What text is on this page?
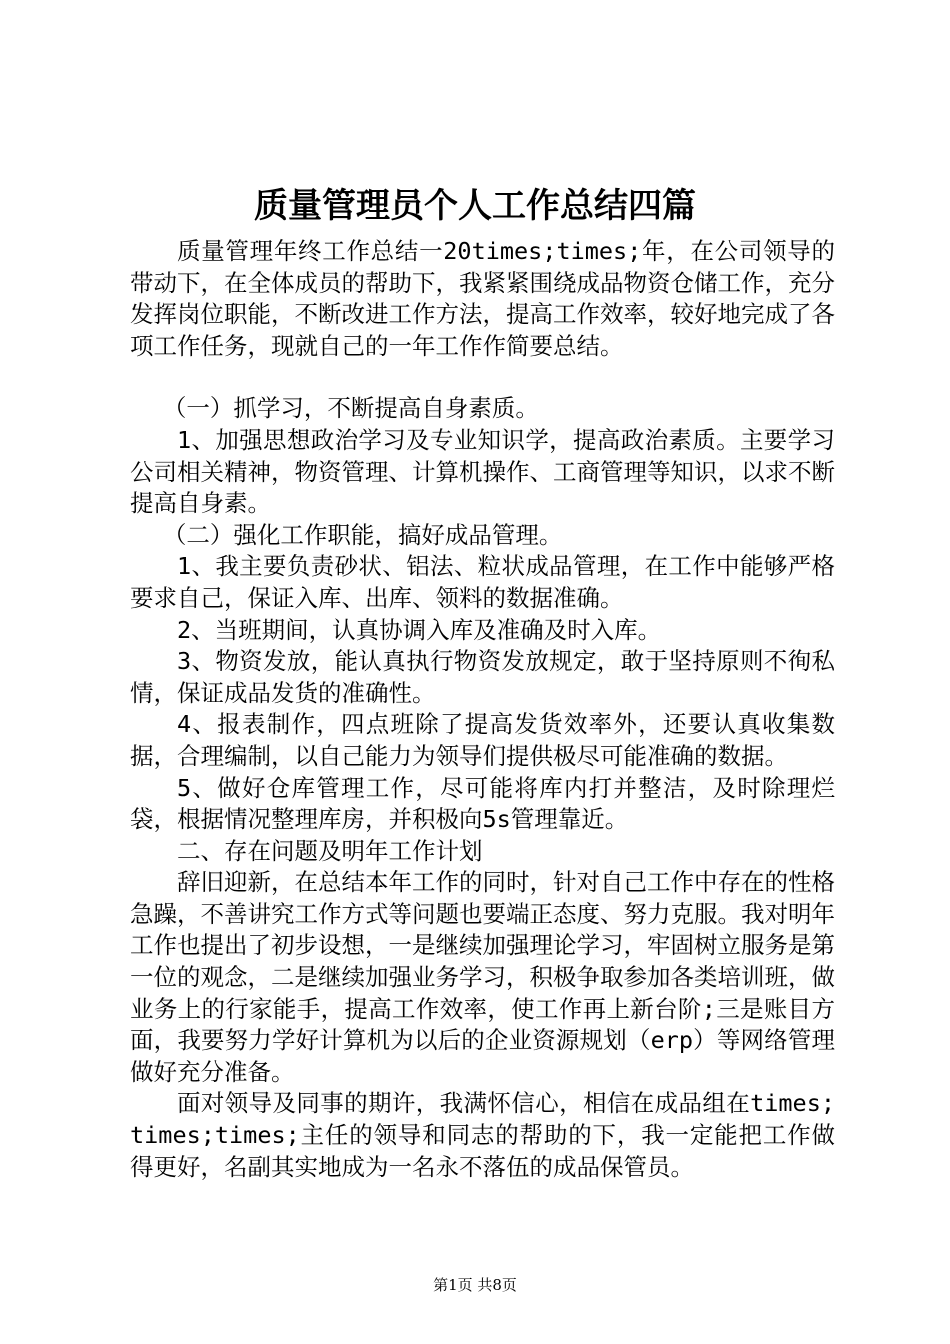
质量管理员个人工作总结四篇

质量管理年终工作总结一20times;times;年，在公司领导的带动下，在全体成员的帮助下，我紧紧围绕成品物资仓储工作，充分发挥岗位职能，不断改进工作方法，提高工作效率，较好地完成了各项工作任务，现就自己的一年工作作简要总结。

（一）抓学习，不断提高自身素质。

1、加强思想政治学习及专业知识学，提高政治素质。主要学习公司相关精神，物资管理、计算机操作、工商管理等知识，以求不断提高自身素。

（二）强化工作职能，搞好成品管理。

1、我主要负责砂状、铝法、粒状成品管理，在工作中能够严格要求自己，保证入库、出库、领料的数据准确。

2、当班期间，认真协调入库及准确及时入库。

3、物资发放，能认真执行物资发放规定，敢于坚持原则不徇私情，保证成品发货的准确性。

4、报表制作，四点班除了提高发货效率外，还要认真收集数据，合理编制，以自己能力为领导们提供极尽可能准确的数据。

5、做好仓库管理工作，尽可能将库内打并整洁，及时除理烂袋，根据情况整理库房，并积极向5s管理靠近。

二、存在问题及明年工作计划

辞旧迎新，在总结本年工作的同时，针对自己工作中存在的性格急躁，不善讲究工作方式等问题也要端正态度、努力克服。我对明年工作也提出了初步设想，一是继续加强理论学习，牢固树立服务是第一位的观念，二是继续加强业务学习，积极争取参加各类培训班，做业务上的行家能手，提高工作效率，使工作再上新台阶;三是账目方面，我要努力学好计算机为以后的企业资源规划（erp）等网络管理做好充分准备。

面对领导及同事的期许，我满怀信心，相信在成品组在times;times;times;主任的领导和同志的帮助的下，我一定能把工作做得更好，名副其实地成为一名永不落伍的成品保管员。

第1页 共8页
